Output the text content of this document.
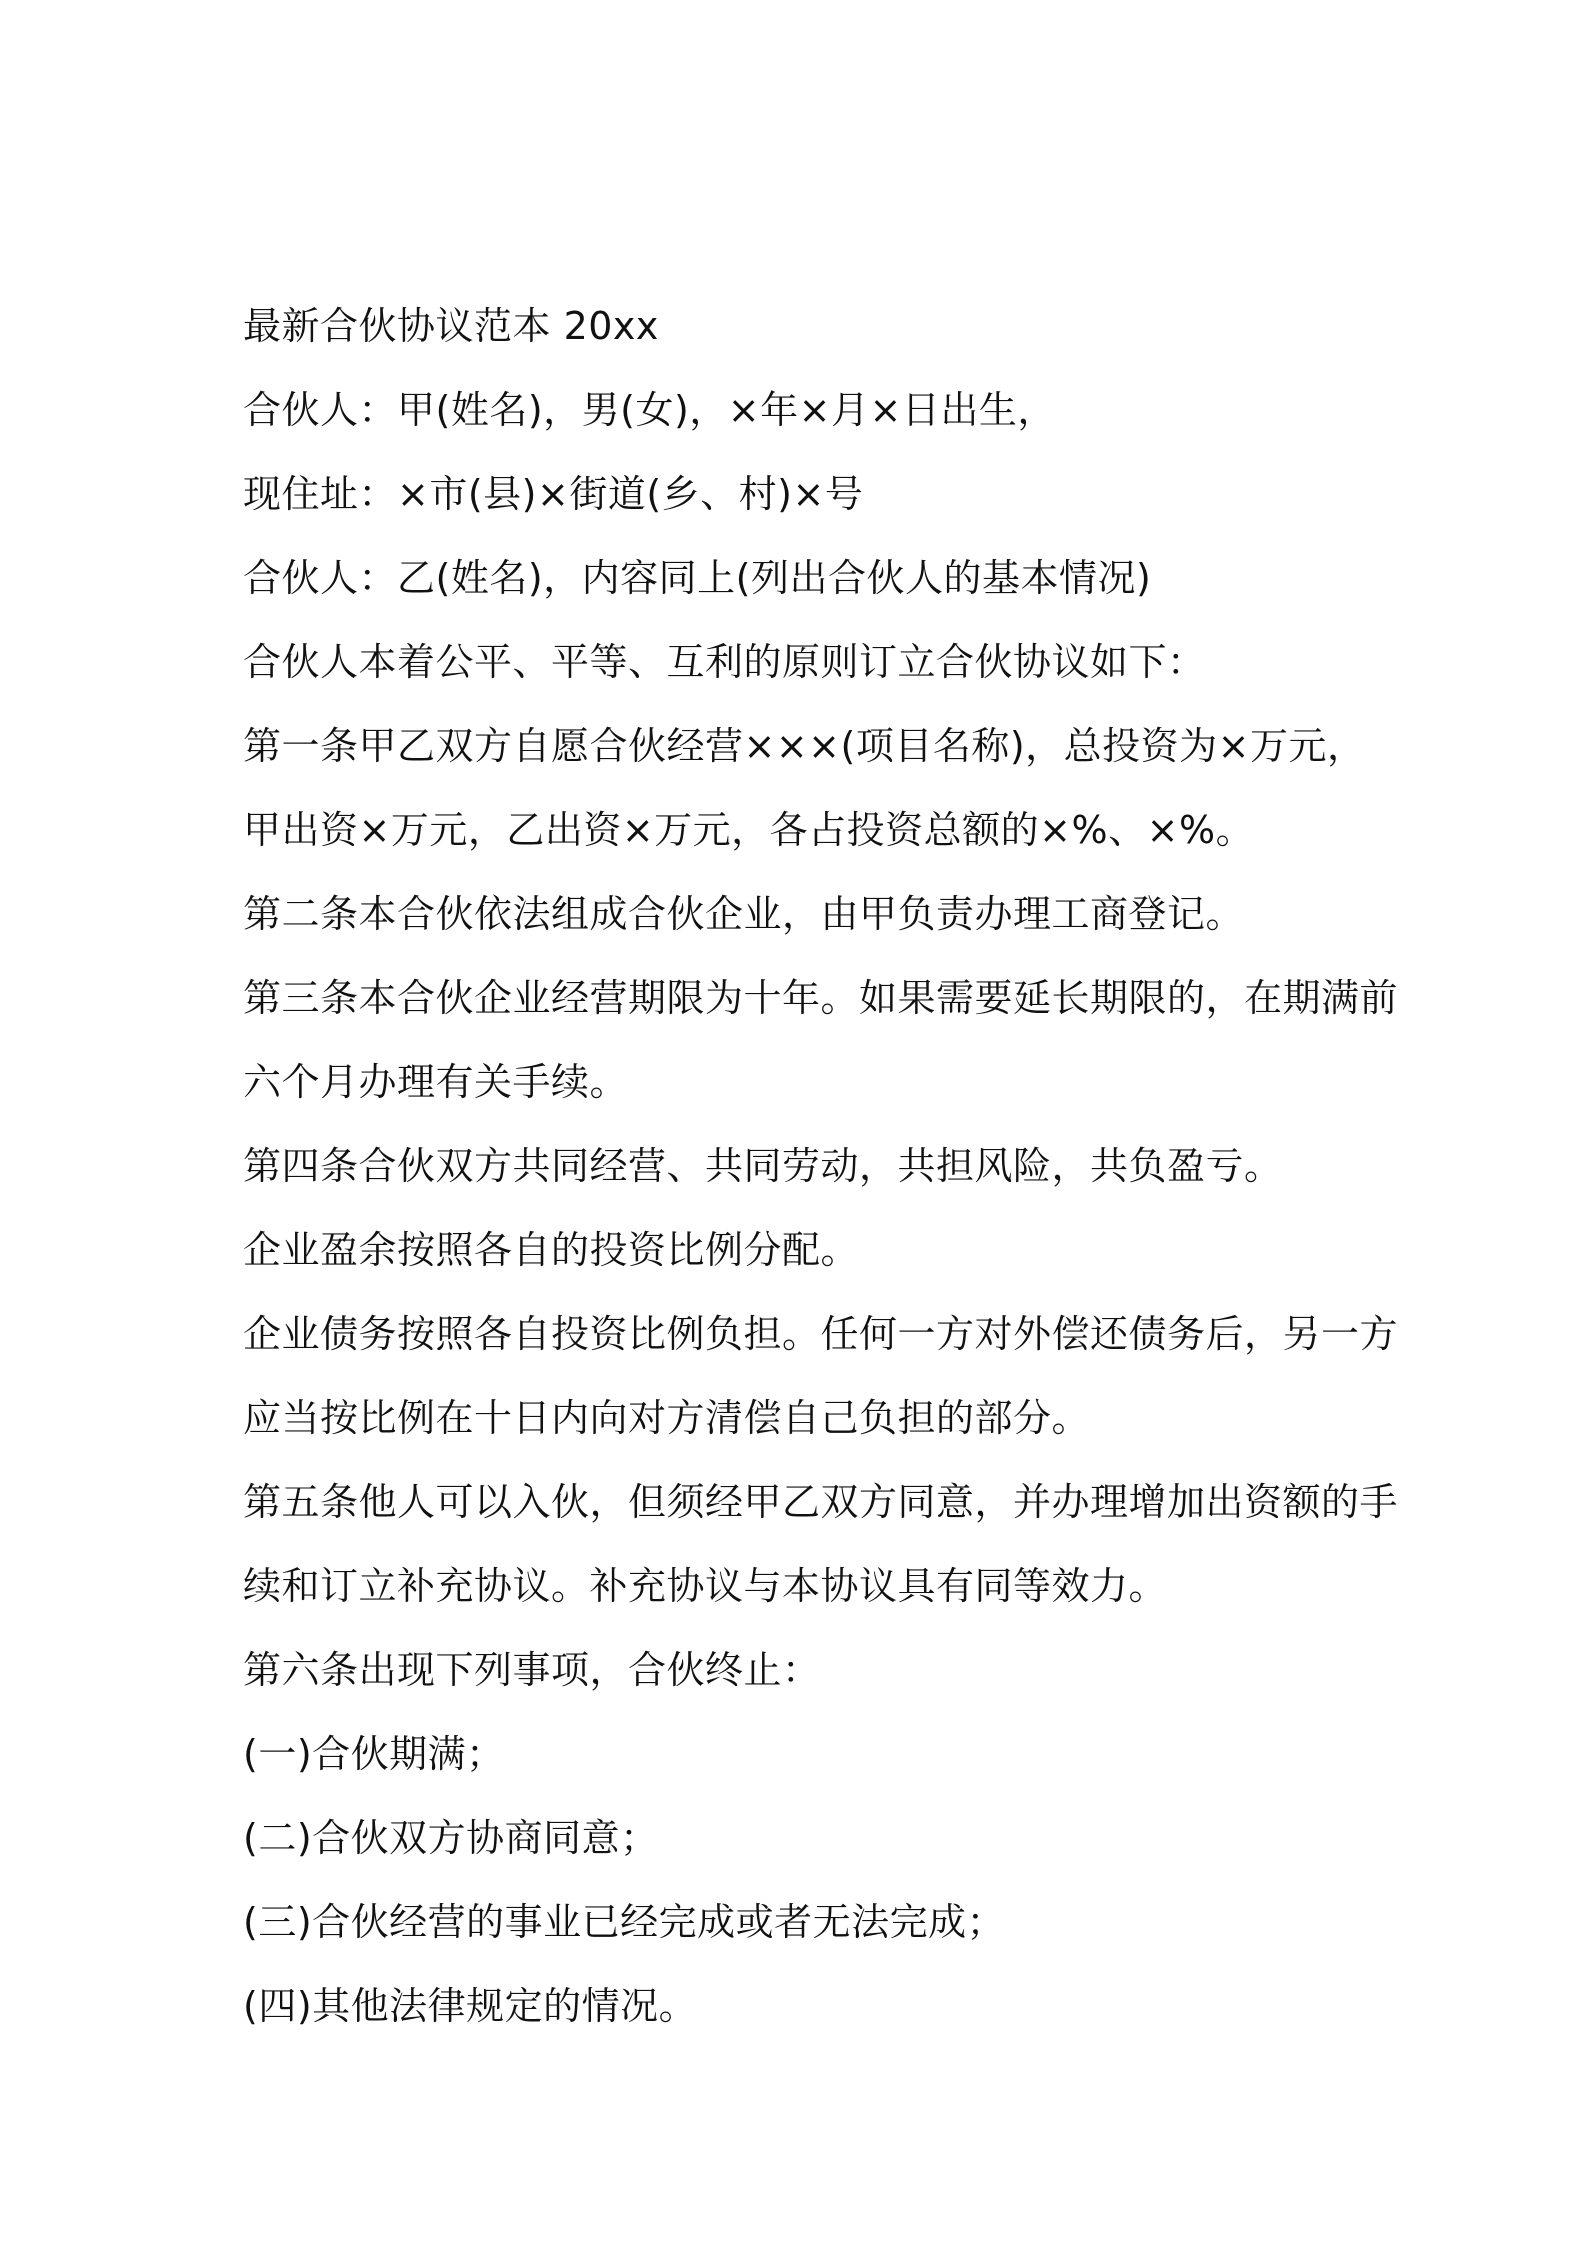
最新合伙协议范本 20xx

合伙人：甲(姓名)，男(女)，×年×月×日出生，

现住址：×市(县)×街道(乡、村)×号

合伙人：乙(姓名)，内容同上(列出合伙人的基本情况)

合伙人本着公平、平等、互利的原则订立合伙协议如下：

第一条甲乙双方自愿合伙经营×××(项目名称)，总投资为×万元，

甲出资×万元，乙出资×万元，各占投资总额的×%、×%。

第二条本合伙依法组成合伙企业，由甲负责办理工商登记。

第三条本合伙企业经营期限为十年。如果需要延长期限的，在期满前

六个月办理有关手续。

第四条合伙双方共同经营、共同劳动，共担风险，共负盈亏。

企业盈余按照各自的投资比例分配。

企业债务按照各自投资比例负担。任何一方对外偿还债务后，另一方

应当按比例在十日内向对方清偿自己负担的部分。

第五条他人可以入伙，但须经甲乙双方同意，并办理增加出资额的手

续和订立补充协议。补充协议与本协议具有同等效力。

第六条出现下列事项，合伙终止：

(一)合伙期满；

(二)合伙双方协商同意；

(三)合伙经营的事业已经完成或者无法完成；

(四)其他法律规定的情况。
